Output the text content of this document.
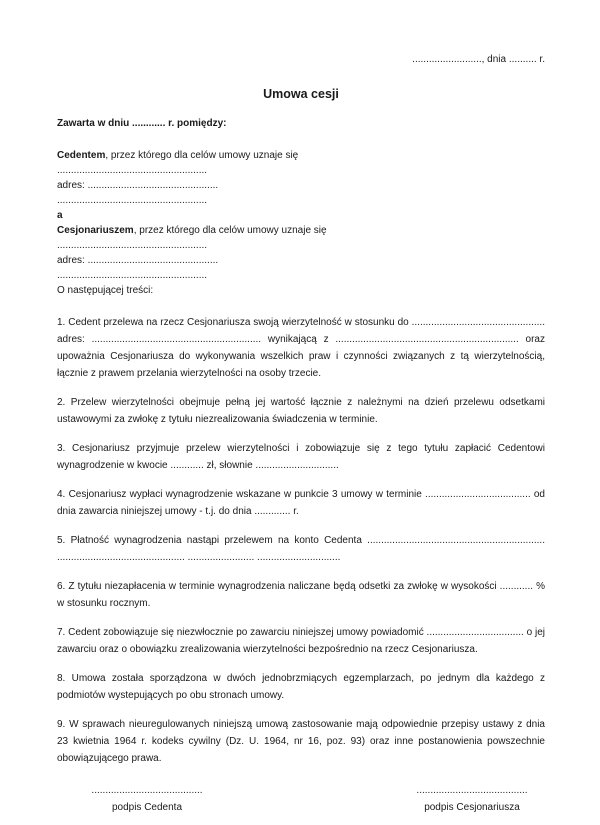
........................., dnia .......... r.
Umowa cesji

Zawarta w dniu ............ r. pomiędzy:

Cedentem, przez którego dla celów umowy uznaje się

......................................................

adres: ...............................................

......................................................

a

Cesjonariuszem, przez którego dla celów umowy uznaje się

......................................................

adres: ...............................................

......................................................

O następującej treści:

1. Cedent przelewa na rzecz Cesjonariusza swoją wierzytelność w stosunku do ................................................ adres: ............................................................. wynikającą z .................................................................. oraz upoważnia Cesjonariusza do wykonywania wszelkich praw i czynności związanych z tą wierzytelnością, łącznie z prawem przelania wierzytelności na osoby trzecie.

2. Przelew wierzytelności obejmuje pełną jej wartość łącznie z należnymi na dzień przelewu odsetkami ustawowymi za zwłokę z tytułu niezrealizowania świadczenia w terminie.

3. Cesjonariusz przyjmuje przelew wierzytelności i zobowiązuje się z tego tytułu zapłacić Cedentowi wynagrodzenie w kwocie ............ zł, słownie ..............................

4. Cesjonariusz wypłaci wynagrodzenie wskazane w punkcie 3 umowy w terminie ...................................... od dnia zawarcia niniejszej umowy - t.j. do dnia ............. r.

5. Płatność wynagrodzenia nastąpi przelewem na konto Cedenta ................................................................ .............................................. ........................ ..............................

6. Z tytułu niezapłacenia w terminie wynagrodzenia naliczane będą odsetki za zwłokę w wysokości ............ % w stosunku rocznym.

7. Cedent zobowiązuje się niezwłocznie po zawarciu niniejszej umowy powiadomić ................................... o jej zawarciu oraz o obowiązku zrealizowania wierzytelności bezpośrednio na rzecz Cesjonariusza.

8. Umowa została sporządzona w dwóch jednobrzmiących egzemplarzach, po jednym dla każdego z podmiotów wystepujących po obu stronach umowy.

9. W sprawach nieuregulowanych niniejszą umową zastosowanie mają odpowiednie przepisy ustawy z dnia 23 kwietnia 1964 r. kodeks cywilny (Dz. U. 1964, nr 16, poz. 93) oraz inne postanowienia powszechnie obowiązującego prawa.

........................................
podpis Cedenta
........................................
podpis Cesjonariusza
